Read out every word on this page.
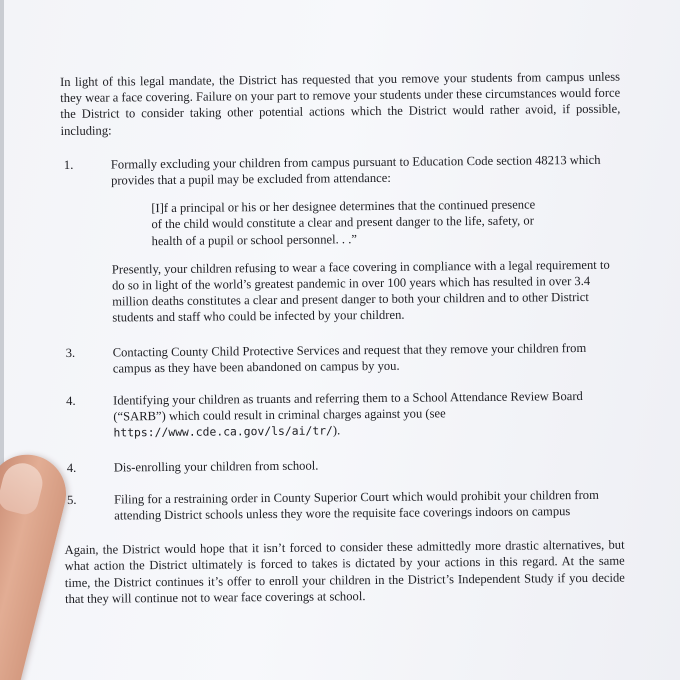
In light of this legal mandate, the District has requested that you remove your students from campus unless they wear a face covering. Failure on your part to remove your students under these circumstances would force the District to consider taking other potential actions which the District would rather avoid, if possible, including:

1.	Formally excluding your children from campus pursuant to Education Code section 48213 which provides that a pupil may be excluded from attendance:

[I]f a principal or his or her designee determines that the continued presence of the child would constitute a clear and present danger to the life, safety, or health of a pupil or school personnel. . .”

Presently, your children refusing to wear a face covering in compliance with a legal requirement to do so in light of the world’s greatest pandemic in over 100 years which has resulted in over 3.4 million deaths constitutes a clear and present danger to both your children and to other District students and staff who could be infected by your children.

3.	Contacting County Child Protective Services and request that they remove your children from campus as they have been abandoned on campus by you.

4.	Identifying your children as truants and referring them to a School Attendance Review Board (“SARB”) which could result in criminal charges against you (see https://www.cde.ca.gov/ls/ai/tr/).

4.	Dis-enrolling your children from school.

5.	Filing for a restraining order in County Superior Court which would prohibit your children from attending District schools unless they wore the requisite face coverings indoors on campus

Again, the District would hope that it isn’t forced to consider these admittedly more drastic alternatives, but what action the District ultimately is forced to takes is dictated by your actions in this regard. At the same time, the District continues it’s offer to enroll your children in the District’s Independent Study if you decide that they will continue not to wear face coverings at school.
